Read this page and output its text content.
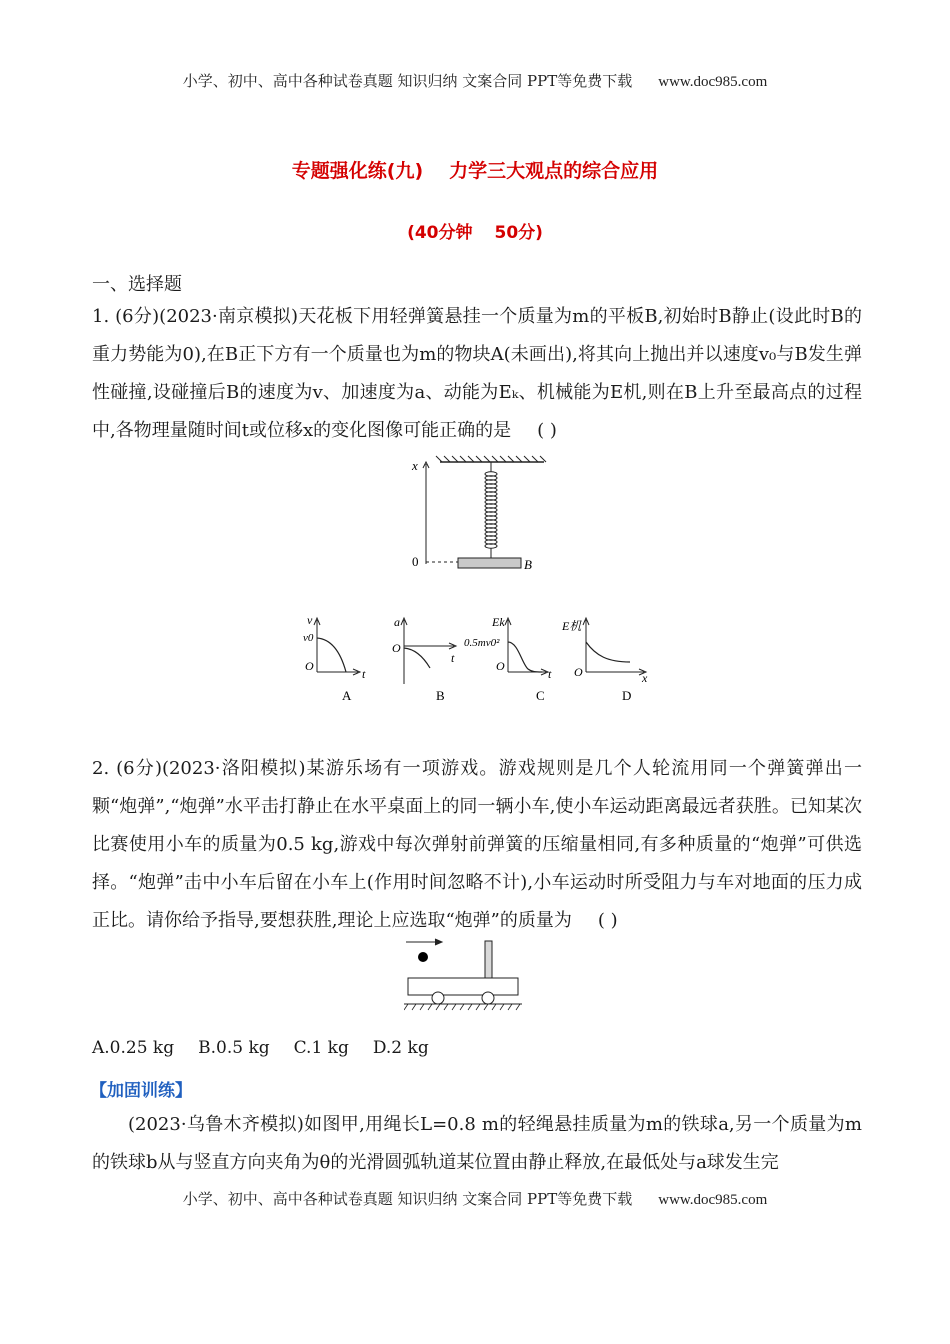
小学、初中、高中各种试卷真题 知识归纳 文案合同 PPT等免费下载 www.doc985.com
专题强化练(九) 力学三大观点的综合应用
(40分钟 50分)
一、选择题
1. (6分)(2023·南京模拟)天花板下用轻弹簧悬挂一个质量为m的平板B,初始时B静止(设此时B的重力势能为0),在B正下方有一个质量也为m的物块A(未画出),将其向上抛出并以速度v₀与B发生弹性碰撞,设碰撞后B的速度为v、加速度为a、动能为Eₖ、机械能为E机,则在B上升至最高点的过程中,各物理量随时间t或位移x的变化图像可能正确的是 ( )
x
0	B
v
v0
O
t
A
a
O
t
B
Ek
0.5mv0²
O
t
C
E机
O	x
D
2. (6分)(2023·洛阳模拟)某游乐场有一项游戏。游戏规则是几个人轮流用同一个弹簧弹出一颗“炮弹”,“炮弹”水平击打静止在水平桌面上的同一辆小车,使小车运动距离最远者获胜。已知某次比赛使用小车的质量为0.5 kg,游戏中每次弹射前弹簧的压缩量相同,有多种质量的“炮弹”可供选择。“炮弹”击中小车后留在小车上(作用时间忽略不计),小车运动时所受阻力与车对地面的压力成正比。请你给予指导,要想获胜,理论上应选取“炮弹”的质量为 ( )
A.0.25 kg B.0.5 kg C.1 kg D.2 kg
【加固训练】
(2023·乌鲁木齐模拟)如图甲,用绳长L=0.8 m的轻绳悬挂质量为m的铁球a,另一个质量为m的铁球b从与竖直方向夹角为θ的光滑圆弧轨道某位置由静止释放,在最低处与a球发生完
小学、初中、高中各种试卷真题 知识归纳 文案合同 PPT等免费下载 www.doc985.com
